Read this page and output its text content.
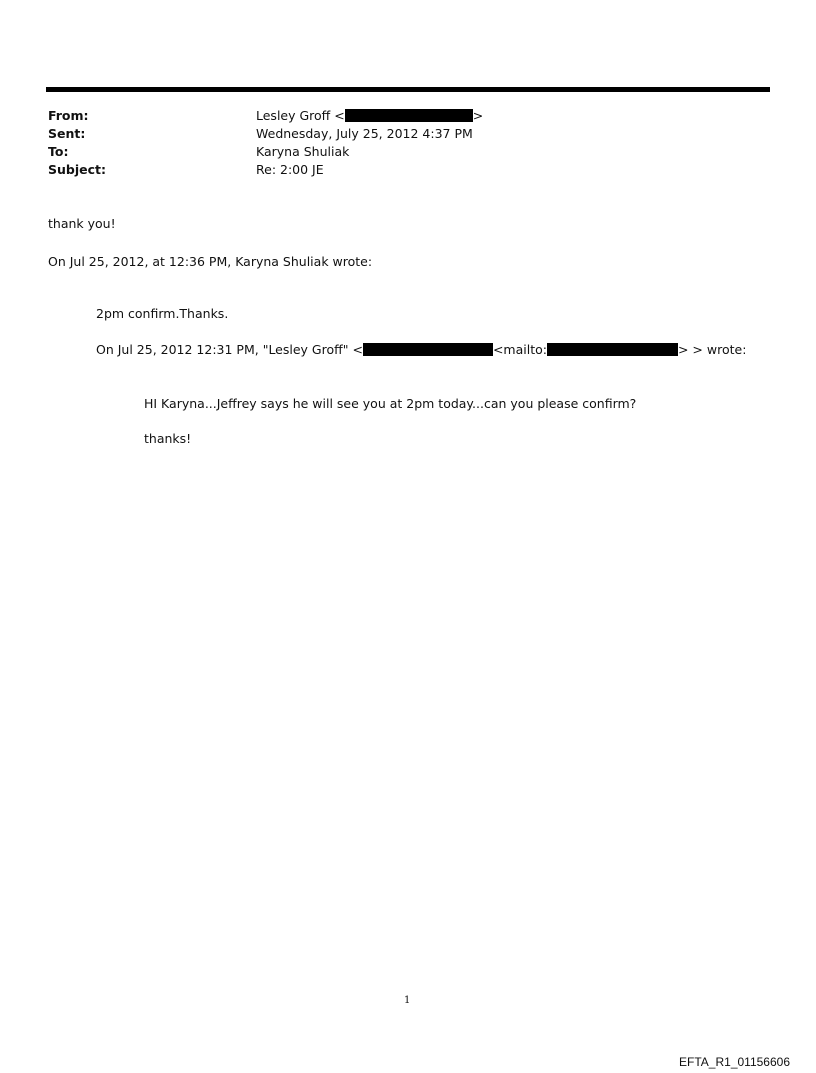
From:	Lesley Groff <	>
Sent:	Wednesday, July 25, 2012 4:37 PM
To:	Karyna Shuliak
Subject:	Re: 2:00 JE
thank you!
On Jul 25, 2012, at 12:36 PM, Karyna Shuliak wrote:
2pm confirm.Thanks.
On Jul 25, 2012 12:31 PM, "Lesley Groff" <	<mailto:	> > wrote:
HI Karyna...Jeffrey says he will see you at 2pm today...can you please confirm?
thanks!
1
EFTA_R1_01156606
